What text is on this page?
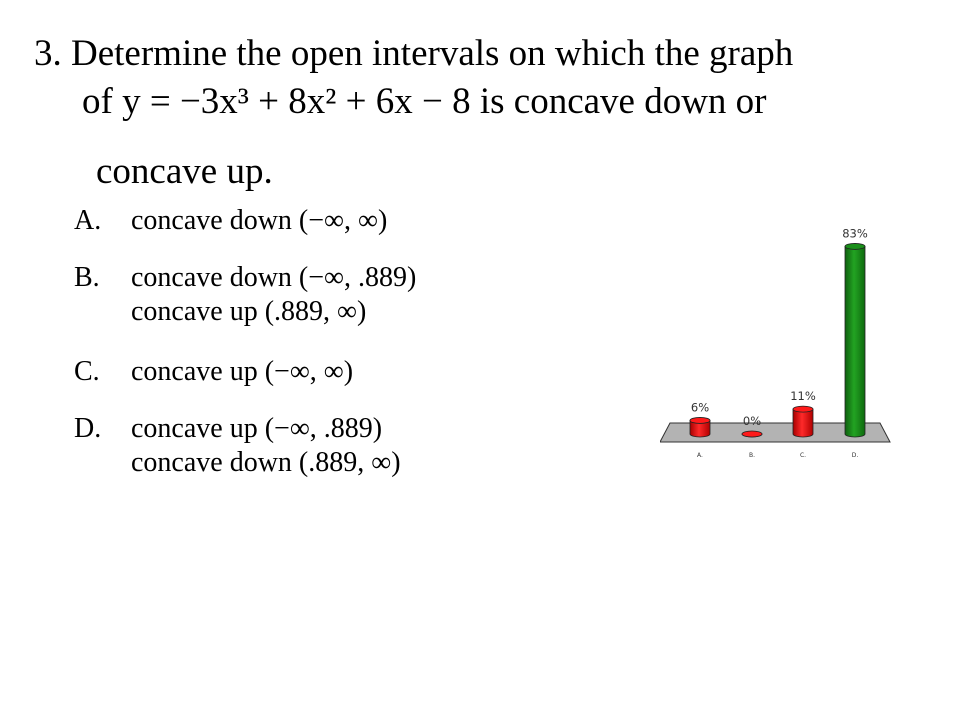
3. Determine the open intervals on which the graph
of y = −3x³ + 8x² + 6x − 8 is concave down or
concave up.
A. concave down (−∞, ∞)
B. concave down (−∞, .889)
concave up (.889, ∞)
C. concave up (−∞, ∞)
D. concave up (−∞, .889)
concave down (.889, ∞)
6%
0%
11%
83%
A.	B.	C.	D.
